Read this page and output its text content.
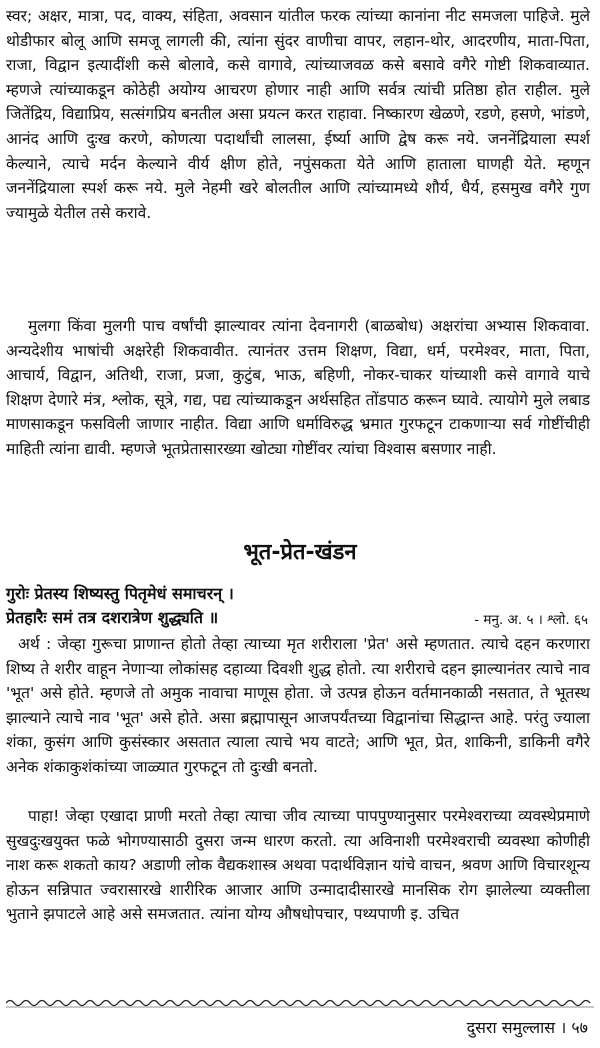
स्वर; अक्षर, मात्रा, पद, वाक्य, संहिता, अवसान यांतील फरक त्यांच्या कानांना नीट समजला पाहिजे. मुले थोडीफार बोलू आणि समजू लागली की, त्यांना सुंदर वाणीचा वापर, लहान-थोर, आदरणीय, माता-पिता, राजा, विद्वान इत्यादींशी कसे बोलावे, कसे वागावे, त्यांच्याजवळ कसे बसावे वगैरे गोष्टी शिकवाव्यात. म्हणजे त्यांच्याकडून कोठेही अयोग्य आचरण होणार नाही आणि सर्वत्र त्यांची प्रतिष्ठा होत राहील. मुले जितेंद्रिय, विद्याप्रिय, सत्संगप्रिय बनतील असा प्रयत्न करत राहावा. निष्कारण खेळणे, रडणे, हसणे, भांडणे, आनंद आणि दुःख करणे, कोणत्या पदार्थांची लालसा, ईर्ष्या आणि द्वेष करू नये. जननेंद्रियाला स्पर्श केल्याने, त्याचे मर्दन केल्याने वीर्य क्षीण होते, नपुंसकता येते आणि हाताला घाणही येते. म्हणून जननेंद्रियाला स्पर्श करू नये. मुले नेहमी खरे बोलतील आणि त्यांच्यामध्ये शौर्य, धैर्य, हसमुख वगैरे गुण ज्यामुळे येतील तसे करावे.

मुलगा किंवा मुलगी पाच वर्षांची झाल्यावर त्यांना देवनागरी (बाळबोध) अक्षरांचा अभ्यास शिकवावा. अन्यदेशीय भाषांची अक्षरेही शिकवावीत. त्यानंतर उत्तम शिक्षण, विद्या, धर्म, परमेश्वर, माता, पिता, आचार्य, विद्वान, अतिथी, राजा, प्रजा, कुटुंब, भाऊ, बहिणी, नोकर-चाकर यांच्याशी कसे वागावे याचे शिक्षण देणारे मंत्र, श्लोक, सूत्रे, गद्य, पद्य त्यांच्याकडून अर्थसहित तोंडपाठ करून घ्यावे. त्यायोगे मुले लबाड माणसाकडून फसविली जाणार नाहीत. विद्या आणि धर्माविरुद्ध भ्रमात गुरफटून टाकणाऱ्या सर्व गोष्टींचीही माहिती त्यांना द्यावी. म्हणजे भूतप्रेतासारख्या खोट्या गोष्टींवर त्यांचा विश्वास बसणार नाही.

भूत-प्रेत-खंडन

गुरोः प्रेतस्य शिष्यस्तु पितृमेधं समाचरन् ।

प्रेतहारैः समं तत्र दशरात्रेण शुद्ध्यति ॥	- मनु. अ. ५ । श्लो. ६५

अर्थ : जेव्हा गुरूचा प्राणान्त होतो तेव्हा त्याच्या मृत शरीराला 'प्रेत' असे म्हणतात. त्याचे दहन करणारा शिष्य ते शरीर वाहून नेणाऱ्या लोकांसह दहाव्या दिवशी शुद्ध होतो. त्या शरीराचे दहन झाल्यानंतर त्याचे नाव 'भूत' असे होते. म्हणजे तो अमुक नावाचा माणूस होता. जे उत्पन्न होऊन वर्तमानकाळी नसतात, ते भूतस्थ झाल्याने त्याचे नाव 'भूत' असे होते. असा ब्रह्मापासून आजपर्यंतच्या विद्वानांचा सिद्धान्त आहे. परंतु ज्याला शंका, कुसंग आणि कुसंस्कार असतात त्याला त्याचे भय वाटते; आणि भूत, प्रेत, शाकिनी, डाकिनी वगैरे अनेक शंकाकुशंकांच्या जाळ्यात गुरफटून तो दुःखी बनतो.

पाहा! जेव्हा एखादा प्राणी मरतो तेव्हा त्याचा जीव त्याच्या पापपुण्यानुसार परमेश्वराच्या व्यवस्थेप्रमाणे सुखदुःखयुक्त फळे भोगण्यासाठी दुसरा जन्म धारण करतो. त्या अविनाशी परमेश्वराची व्यवस्था कोणीही नाश करू शकतो काय? अडाणी लोक वैद्यकशास्त्र अथवा पदार्थविज्ञान यांचे वाचन, श्रवण आणि विचारशून्य होऊन सन्निपात ज्वरासारखे शारीरिक आजार आणि उन्मादादीसारखे मानसिक रोग झालेल्या व्यक्तीला भुताने झपाटले आहे असे समजतात. त्यांना योग्य औषधोपचार, पथ्यपाणी इ. उचित

दुसरा समुल्लास । ५७
